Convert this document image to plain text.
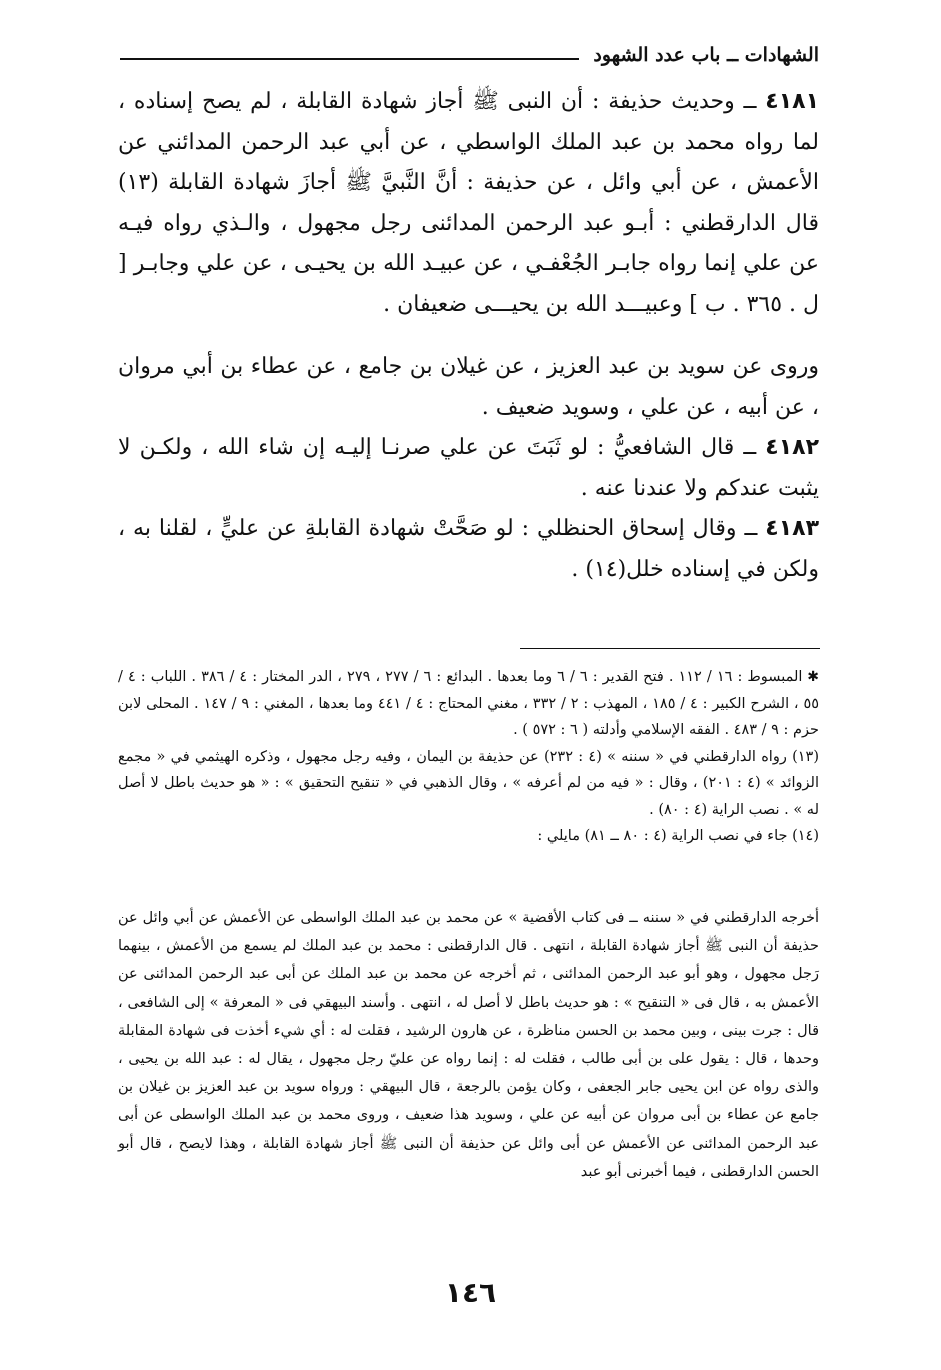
الشهادات ــ باب عدد الشهود

٤١٨١ ــ وحديث حذيفة : أن النبى ﷺ أجاز شهادة القابلة ، لم يصح إسناده ، لما رواه محمد بن عبد الملك الواسطي ، عن أبي عبد الرحمن المدائني عن الأعمش ، عن أبي وائل ، عن حذيفة : أنَّ النَّبيَّ ﷺ أجازَ شهادة القابلة (١٣) قال الدارقطني : أبـو عبد الرحمن المدائنى رجل مجهول ، والـذي رواه فيـه عن علي إنما رواه جابـر الجُعْفـي ، عن عبيـد الله بن يحيـى ، عن علي وجابـر [ ل . ٣٦٥ . ب ] وعبيـــد الله بن يحيـــى ضعيفان .

وروى عن سويد بن عبد العزيز ، عن غيلان بن جامع ، عن عطاء بن أبي مروان ، عن أبيه ، عن علي ، وسويد ضعيف .

٤١٨٢ ــ قال الشافعيُّ : لو ثَبَتَ عن علي صرنـا إليـه إن شاء الله ، ولكـن لا يثبت عندكم ولا عندنا عنه .

٤١٨٣ ــ وقال إسحاق الحنظلي : لو صَحَّتْ شهادة القابلةِ عن عليٍّ ، لقلنا به ، ولكن في إسناده خلل(١٤) .

✱ المبسوط : ١٦ / ١١٢ . فتح القدير : ٦ / ٦ وما بعدها . البدائع : ٦ / ٢٧٧ ، ٢٧٩ ، الدر المختار : ٤ / ٣٨٦ . اللباب : ٤ / ٥٥ ، الشرح الكبير : ٤ / ١٨٥ ، المهذب : ٢ / ٣٣٢ ، مغني المحتاج : ٤ / ٤٤١ وما بعدها ، المغني : ٩ / ١٤٧ . المحلى لابن حزم : ٩ / ٤٨٣ . الفقه الإسلامي وأدلته ( ٦ : ٥٧٢ ) .

(١٣) رواه الدارقطني في « سننه » (٤ : ٢٣٢) عن حذيفة بن اليمان ، وفيه رجل مجهول ، وذكره الهيثمي في « مجمع الزوائد » (٤ : ٢٠١) ، وقال : « فيه من لم أعرفه » ، وقال الذهبي في « تنقيح التحقيق » : « هو حديث باطل لا أصل له » . نصب الراية (٤ : ٨٠) .

(١٤) جاء في نصب الراية (٤ : ٨٠ ــ ٨١) مايلي :

أخرجه الدارقطني في « سننه ــ فى كتاب الأقضية » عن محمد بن عبد الملك الواسطى عن الأعمش عن أبي وائل عن حذيفة أن النبى ﷺ أجاز شهادة القابلة ، انتهى . قال الدارقطنى : محمد بن عبد الملك لم يسمع من الأعمش ، بينهما رَجل مجهول ، وهو أبو عبد الرحمن المدائنى ، ثم أخرجه عن محمد بن عبد الملك عن أبى عبد الرحمن المدائنى عن الأعمش به ، قال فى « التنقيح » : هو حديث باطل لا أصل له ، انتهى . وأسند البيهقي فى « المعرفة » إلى الشافعى ، قال : جرت بينى ، وبين محمد بن الحسن مناظرة ، عن هارون الرشيد ، فقلت له : أي شيء أخذت فى شهادة المقابلة وحدها ، قال : يقول على بن أبى طالب ، فقلت له : إنما رواه عن عليّ رجل مجهول ، يقال له : عبد الله بن يحيى ، والذى رواه عن ابن يحيى جابر الجعفى ، وكان يؤمن بالرجعة ، قال البيهقي : ورواه سويد بن عبد العزيز بن غيلان بن جامع عن عطاء بن أبى مروان عن أبيه عن علي ، وسويد هذا ضعيف ، وروى محمد بن عبد الملك الواسطى عن أبى عبد الرحمن المدائنى عن الأعمش عن أبى وائل عن حذيفة أن النبى ﷺ أجاز شهادة القابلة ، وهذا لايصح ، قال أبو الحسن الدارقطنى ، فيما أخبرنى أبو عبد

١٤٦
